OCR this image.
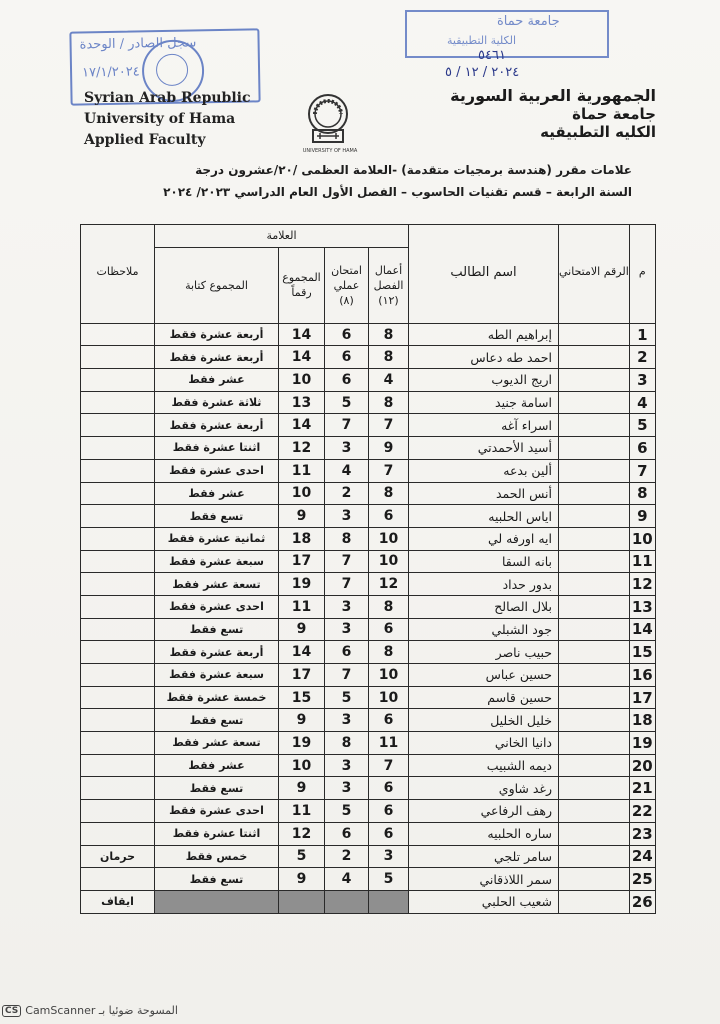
سجل الصادر / الوحدة
١٧/١/٢٠٢٤
جامعة حماة
الكلية التطبيقية
٥٤٦١
٢٠٢٤ / ١٢ / ٥
Syrian Arab Republic
University of Hama
Applied Faculty
الجمهورية العربية السورية
جامعة حماة
الكليه التطبيقيه
UNIVERSITY OF HAMA
علامات مقرر (هندسة برمجيات متقدمة) -العلامة العظمى /٢٠/عشرون درجة
السنة الرابعة – قسم تقنيات الحاسوب – الفصل الأول العام الدراسي ٢٠٢٣/ ٢٠٢٤
م	الرقم الامتحاني	اسم الطالب	العلامة				ملاحظات
			أعمال الفصل (١٢)	امتحان عملي (٨)	المجموع رقماً	المجموع كتابة	
1		إبراهيم الطه	8	6	14	أربعة عشرة فقط	
2		احمد طه دعاس	8	6	14	أربعة عشرة فقط	
3		اريج الديوب	4	6	10	عشر فقط	
4		اسامة جنيد	8	5	13	ثلاثة عشرة فقط	
5		اسراء آغه	7	7	14	أربعة عشرة فقط	
6		أسيد الأحمدتي	9	3	12	اثنتا عشرة فقط	
7		ألين بدعه	7	4	11	احدى عشرة فقط	
8		أنس الحمد	8	2	10	عشر فقط	
9		اياس الحلبيه	6	3	9	تسع فقط	
10		ايه اورفه لي	10	8	18	ثمانية عشرة فقط	
11		بانه السقا	10	7	17	سبعة عشرة فقط	
12		بدور حداد	12	7	19	تسعة عشر فقط	
13		بلال الصالح	8	3	11	احدى عشرة فقط	
14		جود الشبلي	6	3	9	تسع فقط	
15		حبيب ناصر	8	6	14	أربعة عشرة فقط	
16		حسين عباس	10	7	17	سبعة عشرة فقط	
17		حسين قاسم	10	5	15	خمسة عشرة فقط	
18		خليل الخليل	6	3	9	تسع فقط	
19		دانيا الخاني	11	8	19	تسعة عشر فقط	
20		ديمه الشبيب	7	3	10	عشر فقط	
21		رغد شاوي	6	3	9	تسع فقط	
22		رهف الرفاعي	6	5	11	احدى عشرة فقط	
23		ساره الحلبيه	6	6	12	اثنتا عشرة فقط	
24		سامر تلجي	3	2	5	خمس فقط	حرمان
25		سمر اللاذقاني	5	4	9	تسع فقط	
26		شعيب الحلبي					ايقاف
CS CamScanner المسوحة ضوئيا بـ
